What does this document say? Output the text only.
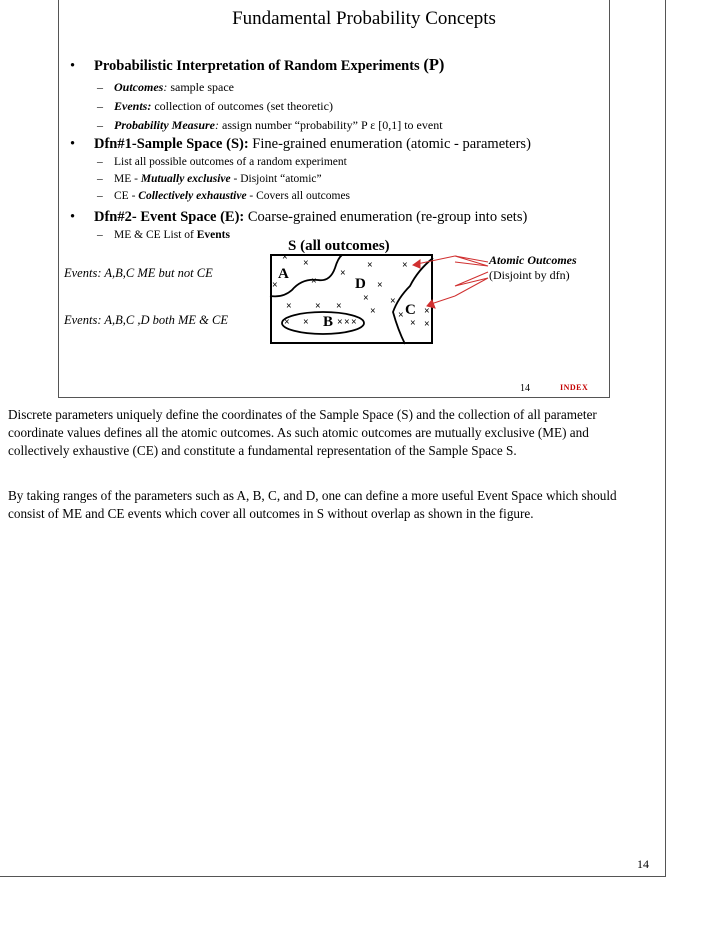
Fundamental Probability Concepts
• Probabilistic Interpretation of Random Experiments (P)
– Outcomes: sample space
– Events: collection of outcomes (set theoretic)
– Probability Measure: assign number “probability” P ε [0,1] to event
• Dfn#1-Sample Space (S): Fine-grained enumeration (atomic - parameters)
– List all possible outcomes of a random experiment
– ME - Mutually exclusive - Disjoint “atomic”
– CE - Collectively exhaustive - Covers all outcomes
• Dfn#2- Event Space (E): Coarse-grained enumeration (re-group into sets)
– ME & CE List of Events
Events: A,B,C ME but not CE
Events: A,B,C ,D both ME & CE
S (all outcomes)
A
D
C
B
×
×
×	×
×
×	×
×
× × ×
×
×
×
×
×
×
×
× ×	× × ×
Atomic Outcomes
(Disjoint by dfn)
14	INDEX
Discrete parameters uniquely define the coordinates of the Sample Space (S) and the collection of all parameter coordinate values defines all the atomic outcomes. As such atomic outcomes are mutually exclusive (ME) and collectively exhaustive (CE) and constitute a fundamental representation of the Sample Space S.
By taking ranges of the parameters such as A, B, C, and D, one can define a more useful Event Space which should consist of ME and CE events which cover all outcomes in S without overlap as shown in the figure.
14
